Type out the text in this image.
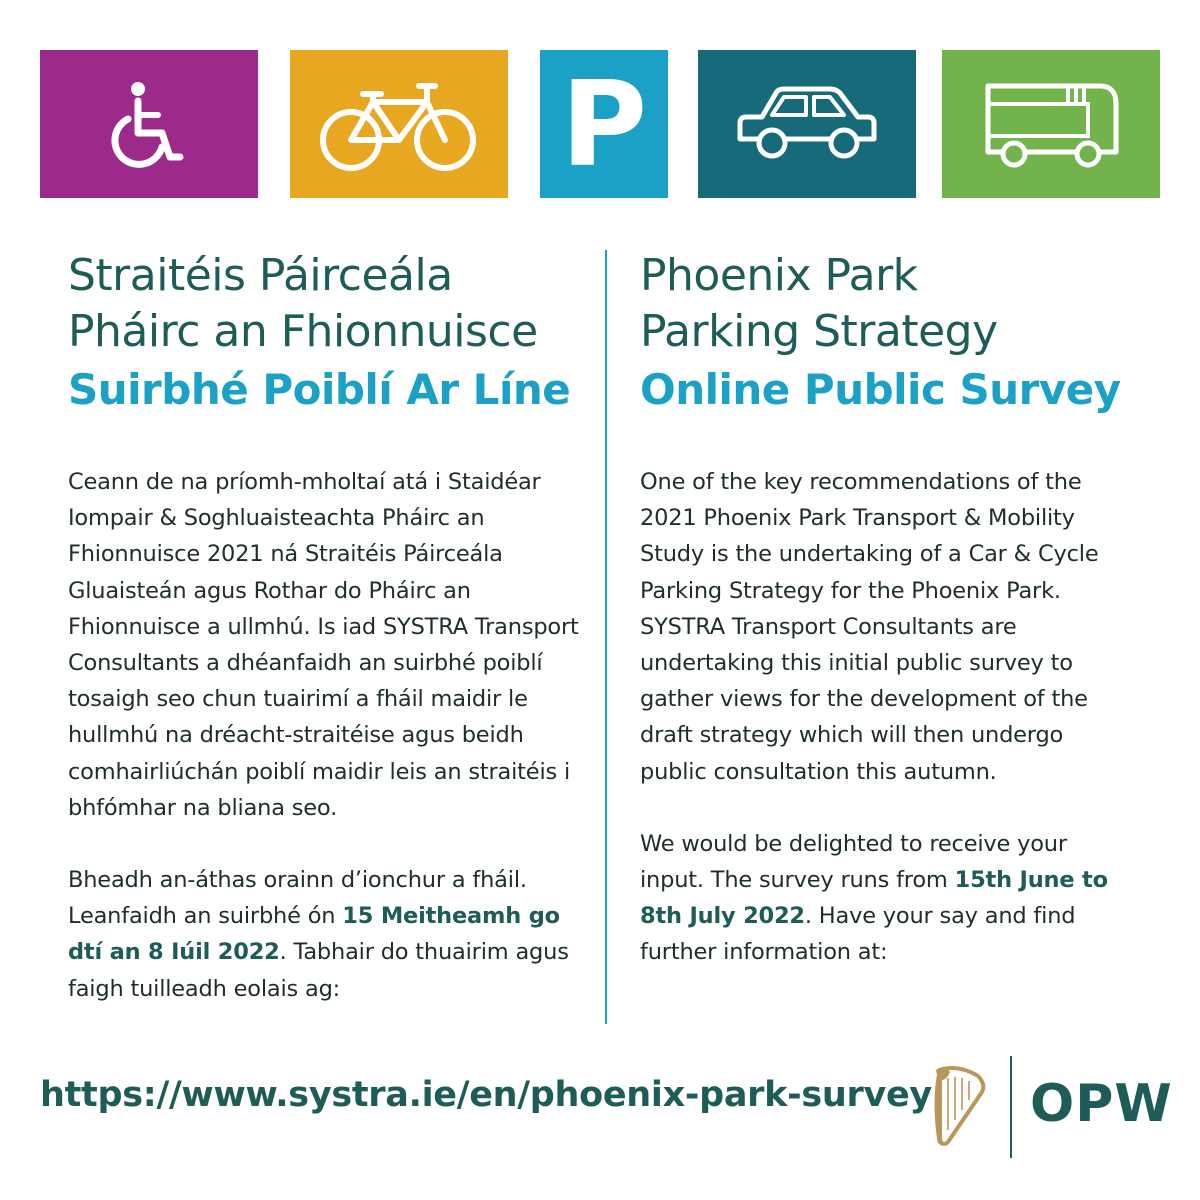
P
Straitéis Páirceála
Pháirc an Fhionnuisce
Suirbhé Poiblí Ar Líne

Ceann de na príomh-mholtaí atá i Staidéar Iompair & Soghluaisteachta Pháirc an Fhionnuisce 2021 ná Straitéis Páirceála Gluaisteán agus Rothar do Pháirc an Fhionnuisce a ullmhú. Is iad SYSTRA Transport Consultants a dhéanfaidh an suirbhé poiblí tosaigh seo chun tuairimí a fháil maidir le hullmhú na dréacht-straitéise agus beidh comhairliúchán poiblí maidir leis an straitéis i bhfómhar na bliana seo.

Bheadh an-áthas orainn d’ionchur a fháil. Leanfaidh an suirbhé ón 15 Meitheamh go dtí an 8 Iúil 2022. Tabhair do thuairim agus faigh tuilleadh eolais ag:

Phoenix Park
Parking Strategy
Online Public Survey

One of the key recommendations of the 2021 Phoenix Park Transport & Mobility Study is the undertaking of a Car & Cycle Parking Strategy for the Phoenix Park. SYSTRA Transport Consultants are undertaking this initial public survey to gather views for the development of the draft strategy which will then undergo public consultation this autumn.

We would be delighted to receive your input. The survey runs from 15th June to 8th July 2022. Have your say and find further information at:

https://www.systra.ie/en/phoenix-park-survey OPW
